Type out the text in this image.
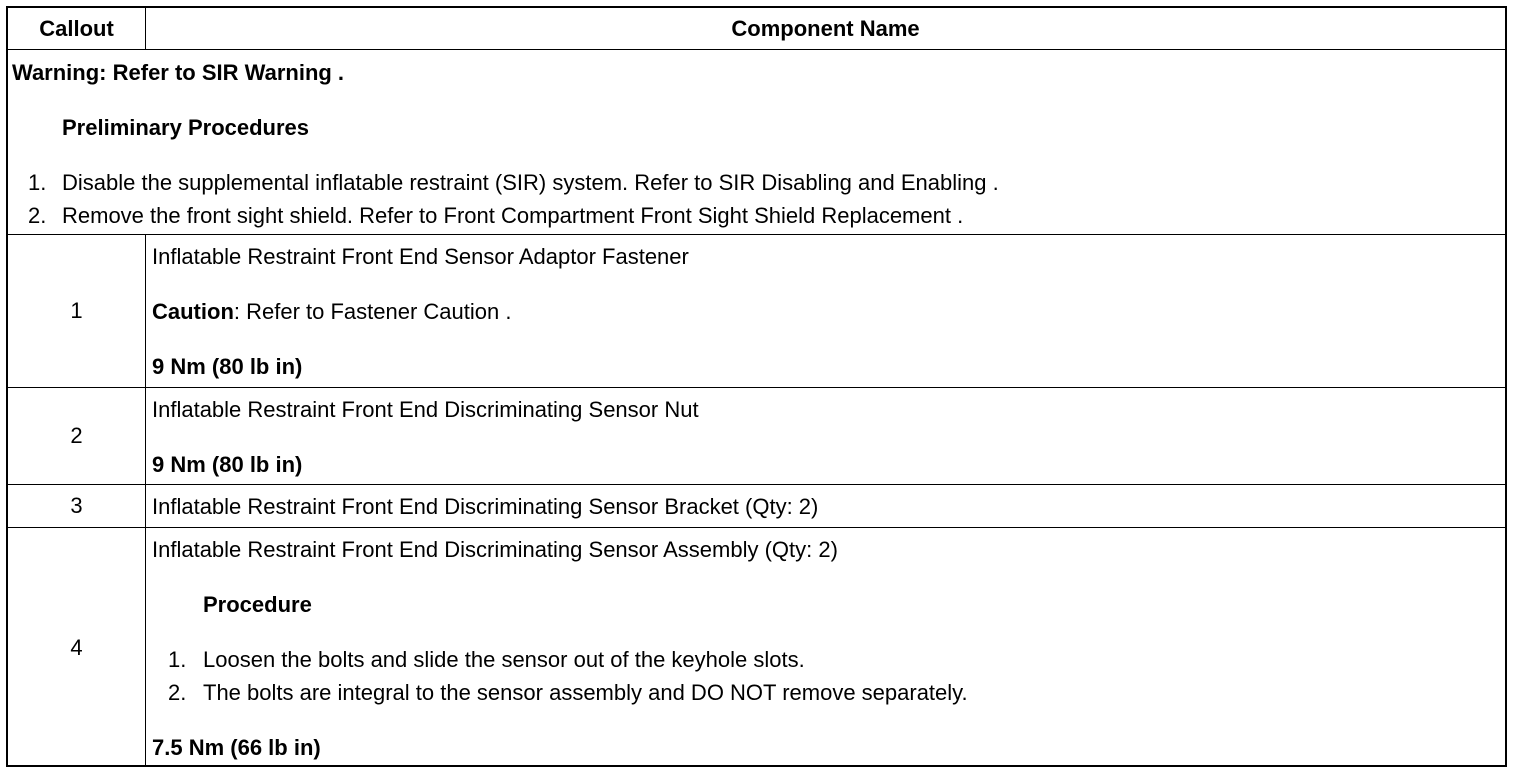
Callout	Component Name
Warning: Refer to SIR Warning .
Preliminary Procedures
1. Disable the supplemental inflatable restraint (SIR) system. Refer to SIR Disabling and Enabling .
2. Remove the front sight shield. Refer to Front Compartment Front Sight Shield Replacement .
1
Inflatable Restraint Front End Sensor Adaptor Fastener
Caution: Refer to Fastener Caution .
9 Nm (80 lb in)
2
Inflatable Restraint Front End Discriminating Sensor Nut
9 Nm (80 lb in)
3	Inflatable Restraint Front End Discriminating Sensor Bracket (Qty: 2)
4
Inflatable Restraint Front End Discriminating Sensor Assembly (Qty: 2)
Procedure
1. Loosen the bolts and slide the sensor out of the keyhole slots.
2. The bolts are integral to the sensor assembly and DO NOT remove separately.
7.5 Nm (66 lb in)
